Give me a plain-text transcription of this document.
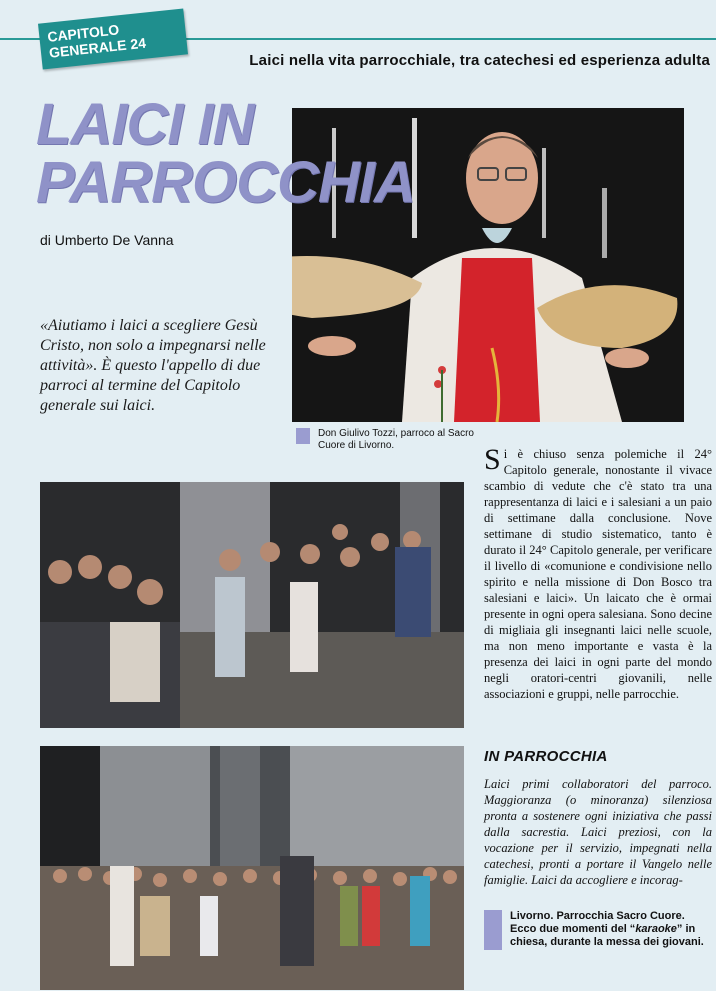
CAPITOLO GENERALE 24	Laici nella vita parrocchiale, tra catechesi ed esperienza adulta
LAICI IN
PARROCCHIA
di Umberto De Vanna
«Aiutiamo i laici a scegliere Gesù Cristo, non solo a impegnarsi nelle attività». È questo l'appello di due parroci al termine del Capitolo generale sui laici.
Don Giulivo Tozzi, parroco al Sacro Cuore di Livorno.	Si è chiuso senza polemiche il 24° Capitolo generale, nonostante il vivace scambio di vedute che c'è stato tra una rappresentanza di laici e i salesiani a un paio di settimane dalla conclusione. Nove settimane di studio sistematico, tanto è durato il 24° Capitolo generale, per verificare il livello di «comunione e condivisione nello spirito e nella missione di Don Bosco tra salesiani e laici». Un laicato che è ormai presente in ogni opera salesiana. Sono decine di migliaia gli insegnanti laici nelle scuole, ma non meno importante e vasta è la presenza dei laici in ogni parte del mondo negli oratori-centri giovanili, nelle associazioni e gruppi, nelle parrocchie.
IN PARROCCHIA
Laici primi collaboratori del parroco. Maggioranza (o minoranza) silenziosa pronta a sostenere ogni iniziativa che passi dalla sacrestia. Laici preziosi, con la vocazione per il servizio, impegnati nella catechesi, pronti a portare il Vangelo nelle famiglie. Laici da accogliere e incorag-
Livorno. Parrocchia Sacro Cuore. Ecco due momenti del “karaoke” in chiesa, durante la messa dei giovani.
